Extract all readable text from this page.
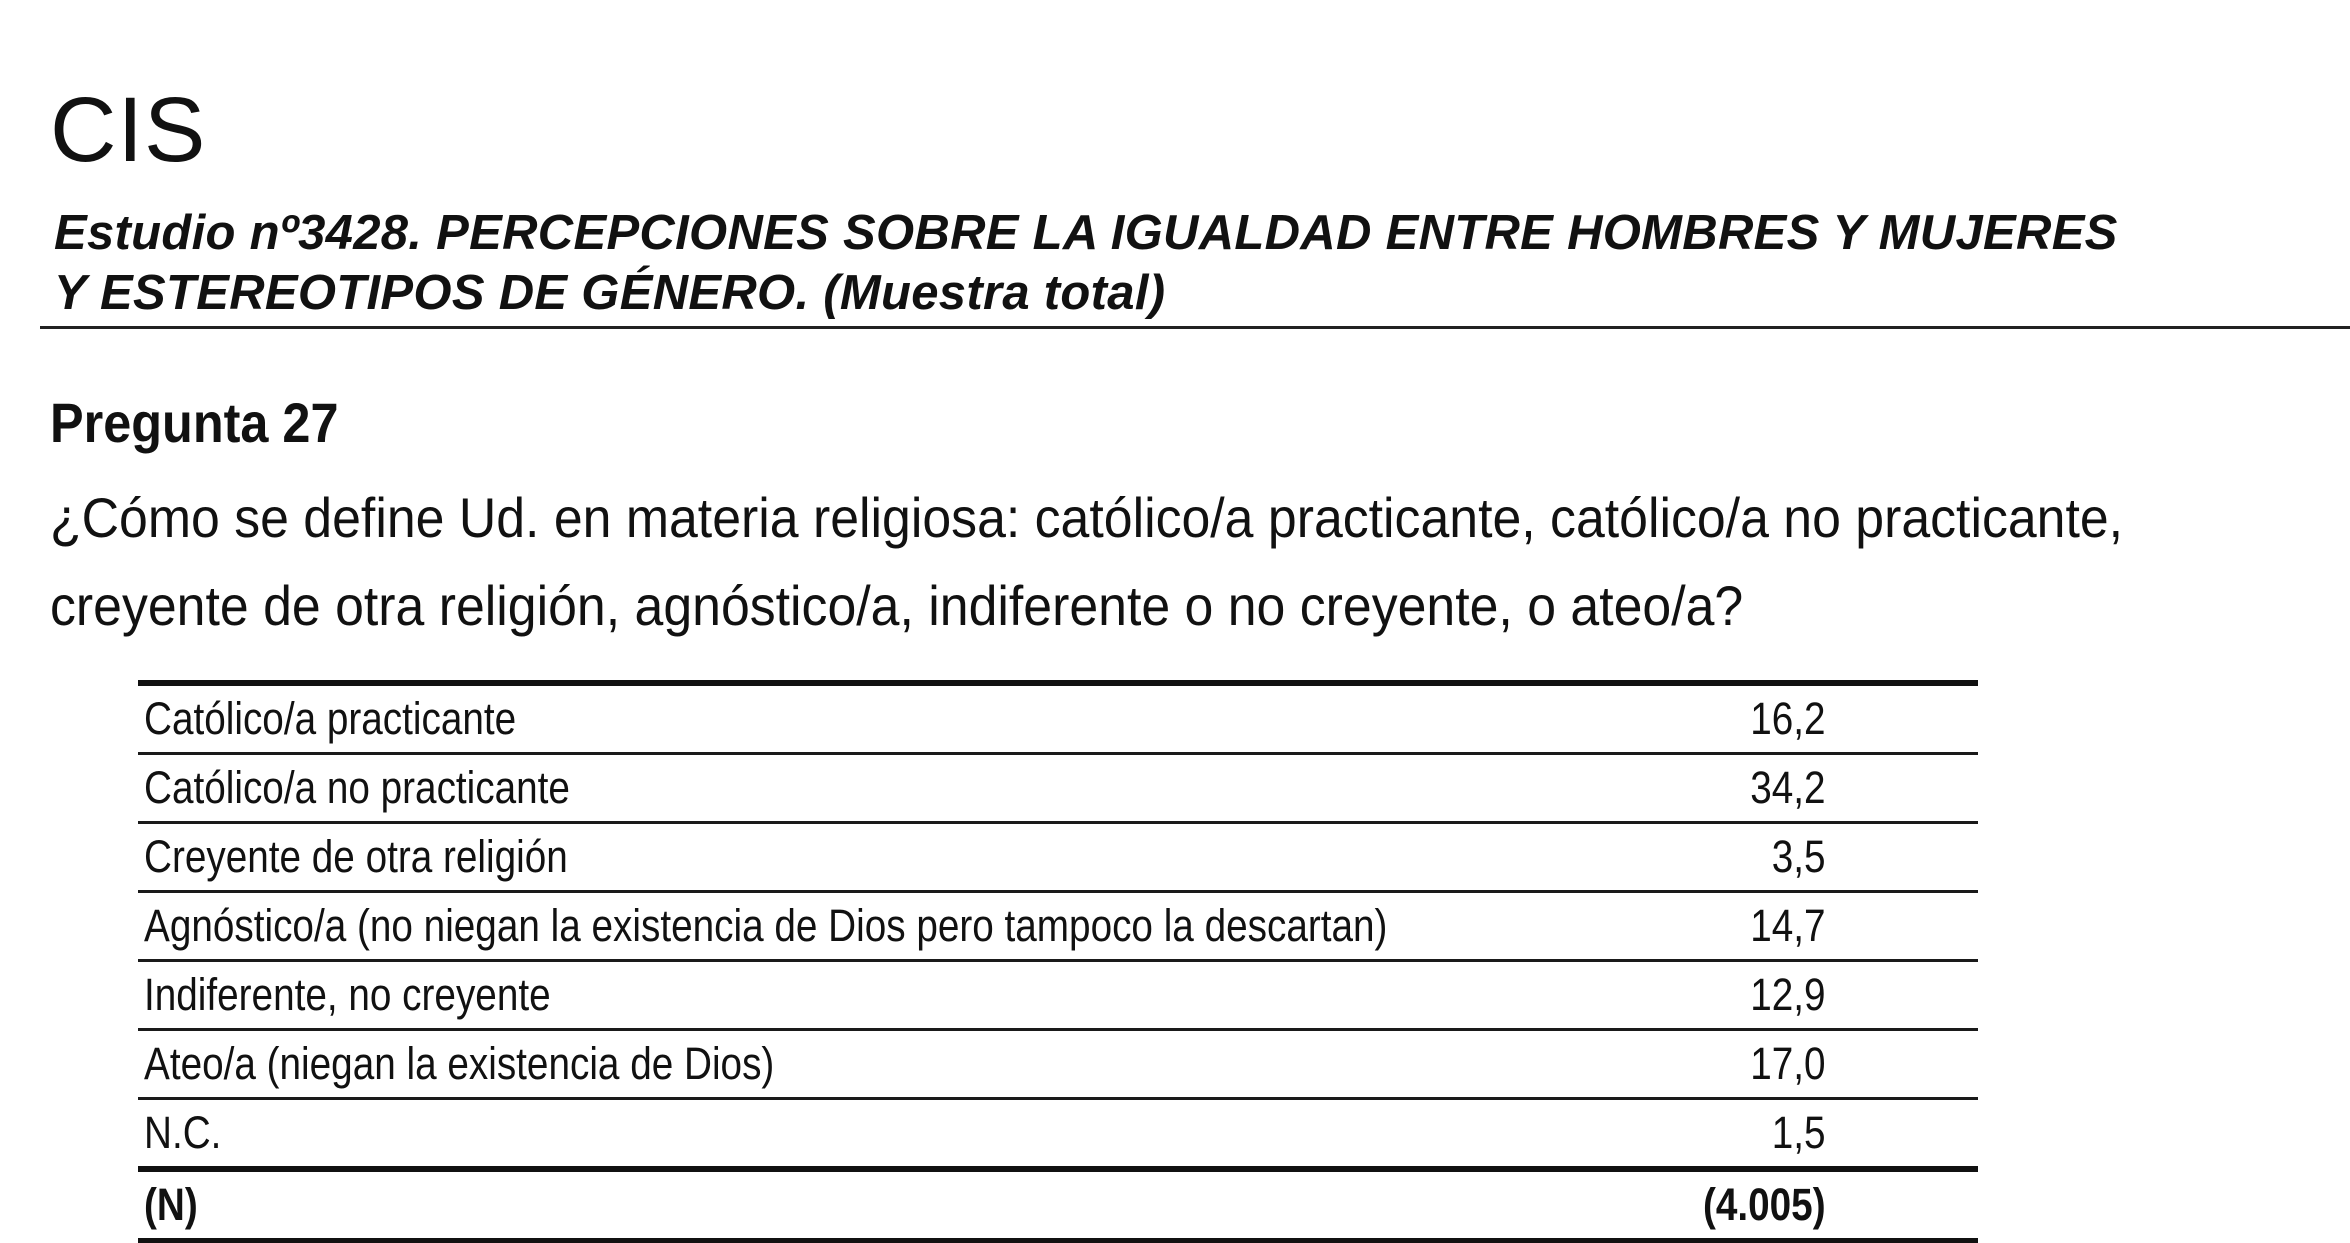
CIS
Estudio nº3428. PERCEPCIONES SOBRE LA IGUALDAD ENTRE HOMBRES Y MUJERES
Y ESTEREOTIPOS DE GÉNERO. (Muestra total)
Pregunta 27

¿Cómo se define Ud. en materia religiosa: católico/a practicante, católico/a no practicante,
creyente de otra religión, agnóstico/a, indiferente o no creyente, o ateo/a?

Católico/a practicante	16,2
Católico/a no practicante	34,2
Creyente de otra religión	3,5
Agnóstico/a (no niegan la existencia de Dios pero tampoco la descartan)	14,7
Indiferente, no creyente	12,9
Ateo/a (niegan la existencia de Dios)	17,0
N.C.	1,5
(N)	(4.005)
